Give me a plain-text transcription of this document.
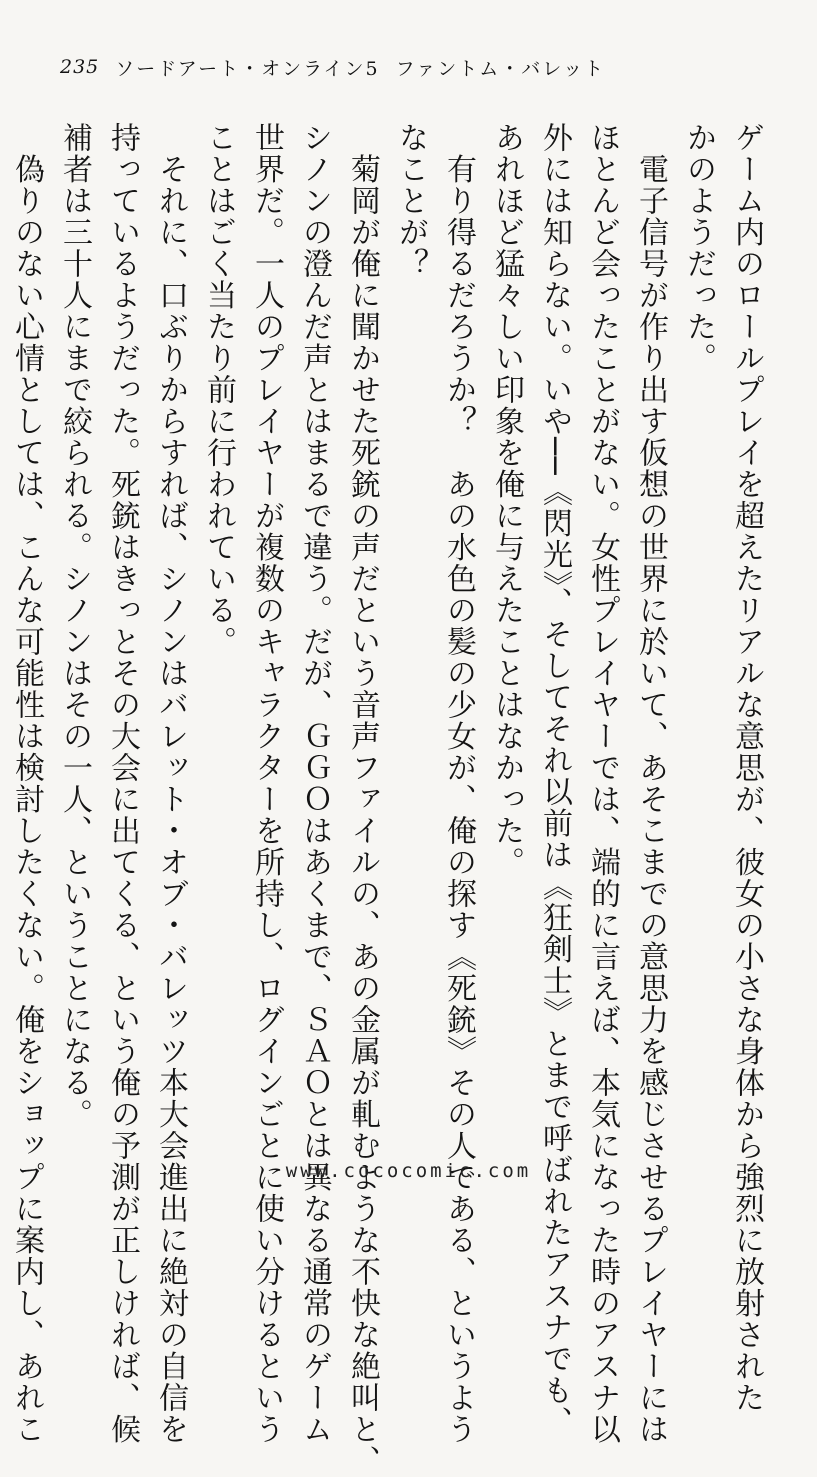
235 ソードアート・オンライン5 ファントム・バレット

ゲーム内のロールプレイを超えたリアルな意思が、彼女の小さな身体から強烈に放射された

かのようだった。

　電子信号が作り出す仮想の世界に於いて、あそこまでの意思力を感じさせるプレイヤーには

ほとんど会ったことがない。女性プレイヤーでは、端的に言えば、本気になった時のアスナ以

外には知らない。いや──《閃光》、そしてそれ以前は《狂剣士》とまで呼ばれたアスナでも、

あれほど猛々しい印象を俺に与えたことはなかった。

　有り得るだろうか？　あの水色の髪の少女が、俺の探す《死銃》その人である、というよう

なことが？

　菊岡が俺に聞かせた死銃の声だという音声ファイルの、あの金属が軋むような不快な絶叫と、

シノンの澄んだ声とはまるで違う。だが、ＧＧＯはあくまで、ＳＡＯとは異なる通常のゲーム

世界だ。一人のプレイヤーが複数のキャラクターを所持し、ログインごとに使い分けるという

ことはごく当たり前に行われている。

　それに、口ぶりからすれば、シノンはバレット・オブ・バレッツ本大会進出に絶対の自信を

持っているようだった。死銃はきっとその大会に出てくる、という俺の予測が正しければ、候

補者は三十人にまで絞られる。シノンはその一人、ということになる。

　偽りのない心情としては、こんな可能性は検討したくない。俺をショップに案内し、あれこ	www.cococomic.com
